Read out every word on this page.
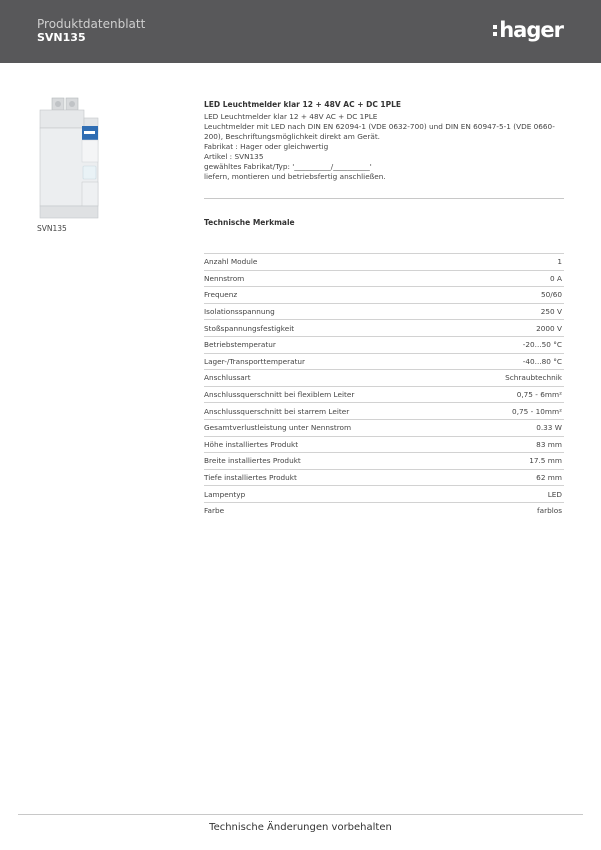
Produktdatenblatt
SVN135	hager
SVN135
LED Leuchtmelder klar 12 + 48V AC + DC 1PLE
LED Leuchtmelder klar 12 + 48V AC + DC 1PLE
Leuchtmelder mit LED nach DIN EN 62094-1 (VDE 0632-700) und DIN EN 60947-5-1 (VDE 0660-200), Beschriftungsmöglichkeit direkt am Gerät.
Fabrikat : Hager oder gleichwertig
Artikel : SVN135
gewähltes Fabrikat/Typ: '__________/__________'
liefern, montieren und betriebsfertig anschließen.
Technische Merkmale
Anzahl Module	1
Nennstrom	0 A
Frequenz	50/60
Isolationsspannung	250 V
Stoßspannungsfestigkeit	2000 V
Betriebstemperatur	-20...50 °C
Lager-/Transporttemperatur	-40...80 °C
Anschlussart	Schraubtechnik
Anschlussquerschnitt bei flexiblem Leiter	0,75 - 6mm²
Anschlussquerschnitt bei starrem Leiter	0,75 - 10mm²
Gesamtverlustleistung unter Nennstrom	0.33 W
Höhe installiertes Produkt	83 mm
Breite installiertes Produkt	17.5 mm
Tiefe installiertes Produkt	62 mm
Lampentyp	LED
Farbe	farblos
Technische Änderungen vorbehalten
